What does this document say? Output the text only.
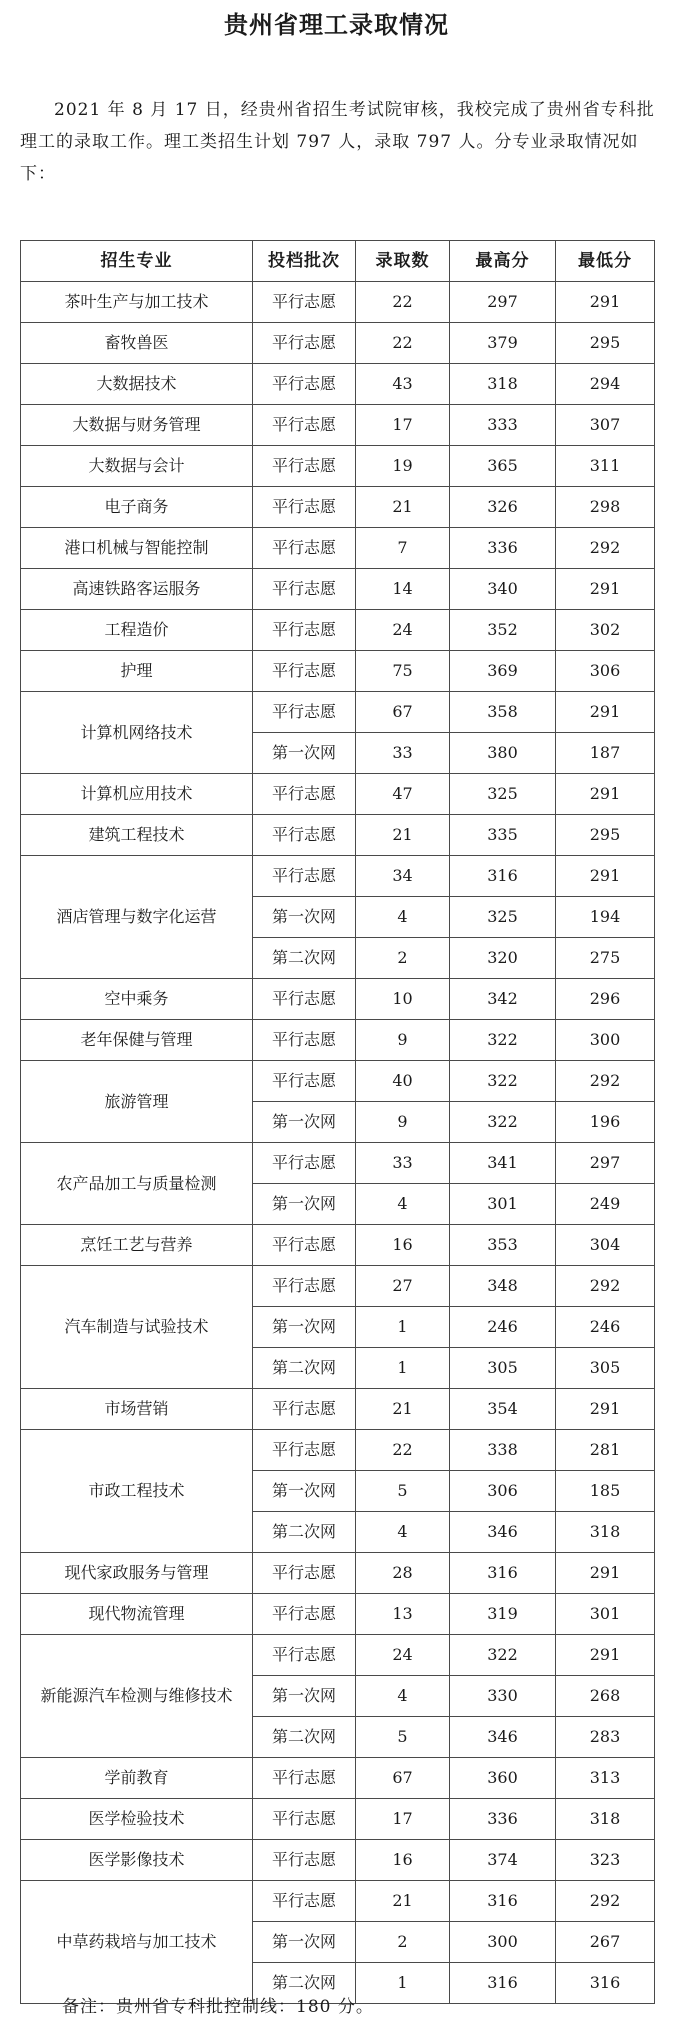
贵州省理工录取情况

2021 年 8 月 17 日，经贵州省招生考试院审核，我校完成了贵州省专科批理工的录取工作。理工类招生计划 797 人，录取 797 人。分专业录取情况如下：

招生专业	投档批次	录取数	最高分	最低分
茶叶生产与加工技术	平行志愿	22	297	291
畜牧兽医	平行志愿	22	379	295
大数据技术	平行志愿	43	318	294
大数据与财务管理	平行志愿	17	333	307
大数据与会计	平行志愿	19	365	311
电子商务	平行志愿	21	326	298
港口机械与智能控制	平行志愿	7	336	292
高速铁路客运服务	平行志愿	14	340	291
工程造价	平行志愿	24	352	302
护理	平行志愿	75	369	306
计算机网络技术	平行志愿	67	358	291
	第一次网	33	380	187
计算机应用技术	平行志愿	47	325	291
建筑工程技术	平行志愿	21	335	295
酒店管理与数字化运营	平行志愿	34	316	291
	第一次网	4	325	194
	第二次网	2	320	275
空中乘务	平行志愿	10	342	296
老年保健与管理	平行志愿	9	322	300
旅游管理	平行志愿	40	322	292
	第一次网	9	322	196
农产品加工与质量检测	平行志愿	33	341	297
	第一次网	4	301	249
烹饪工艺与营养	平行志愿	16	353	304
汽车制造与试验技术	平行志愿	27	348	292
	第一次网	1	246	246
	第二次网	1	305	305
市场营销	平行志愿	21	354	291
市政工程技术	平行志愿	22	338	281
	第一次网	5	306	185
	第二次网	4	346	318
现代家政服务与管理	平行志愿	28	316	291
现代物流管理	平行志愿	13	319	301
新能源汽车检测与维修技术	平行志愿	24	322	291
	第一次网	4	330	268
	第二次网	5	346	283
学前教育	平行志愿	67	360	313
医学检验技术	平行志愿	17	336	318
医学影像技术	平行志愿	16	374	323
中草药栽培与加工技术	平行志愿	21	316	292
	第一次网	2	300	267
	第二次网	1	316	316
备注：贵州省专科批控制线：180 分。
